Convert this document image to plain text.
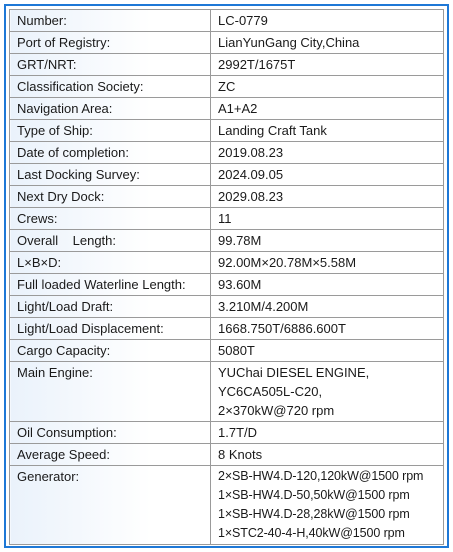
Number:	LC-0779

Port of Registry:	LianYunGang City,China

GRT/NRT:	2992T/1675T

Classification Society:	ZC

Navigation Area:	A1+A2

Type of Ship:	Landing Craft Tank

Date of completion:	2019.08.23

Last Docking Survey:	2024.09.05

Next Dry Dock:	2029.08.23

Crews:	11

Overall    Length:	99.78M

L×B×D:	92.00M×20.78M×5.58M

Full loaded Waterline Length:	93.60M

Light/Load Draft:	3.210M/4.200M

Light/Load Displacement:	1668.750T/6886.600T

Cargo Capacity:	5080T

Main Engine:	YUChai DIESEL ENGINE,
YC6CA505L-C20,
2×370kW@720 rpm

Oil Consumption:	1.7T/D

Average Speed:	8 Knots

Generator:	2×SB-HW4.D-120,120kW@1500 rpm
1×SB-HW4.D-50,50kW@1500 rpm
1×SB-HW4.D-28,28kW@1500 rpm
1×STC2-40-4-H,40kW@1500 rpm
